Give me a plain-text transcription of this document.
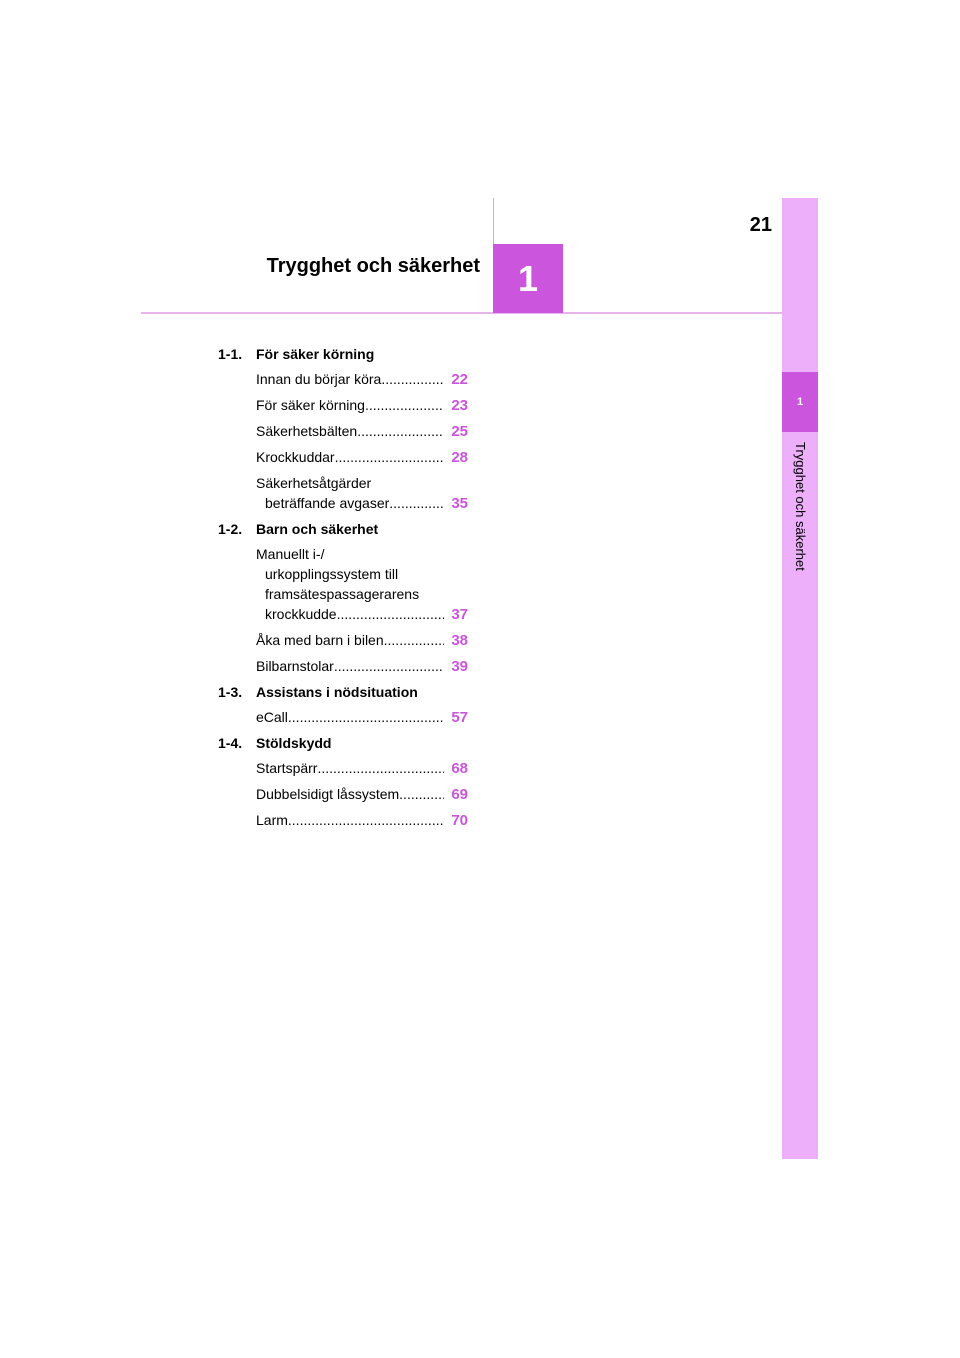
21
Trygghet och säkerhet	1
1
Trygghet och säkerhet
1-1. För säker körning
Innan du börjar köra .....	22
För säker körning .....	23
Säkerhetsbälten .....	25
Krockkuddar .....	28
Säkerhetsåtgärder
beträffande avgaser .....	35
1-2. Barn och säkerhet
Manuellt i-/
urkopplingssystem till
framsätespassagerarens
krockkudde .....	37
Åka med barn i bilen .....	38
Bilbarnstolar .....	39
1-3. Assistans i nödsituation
eCall .....	57
1-4. Stöldskydd
Startspärr .....	68
Dubbelsidigt låssystem .....	69
Larm .....	70
